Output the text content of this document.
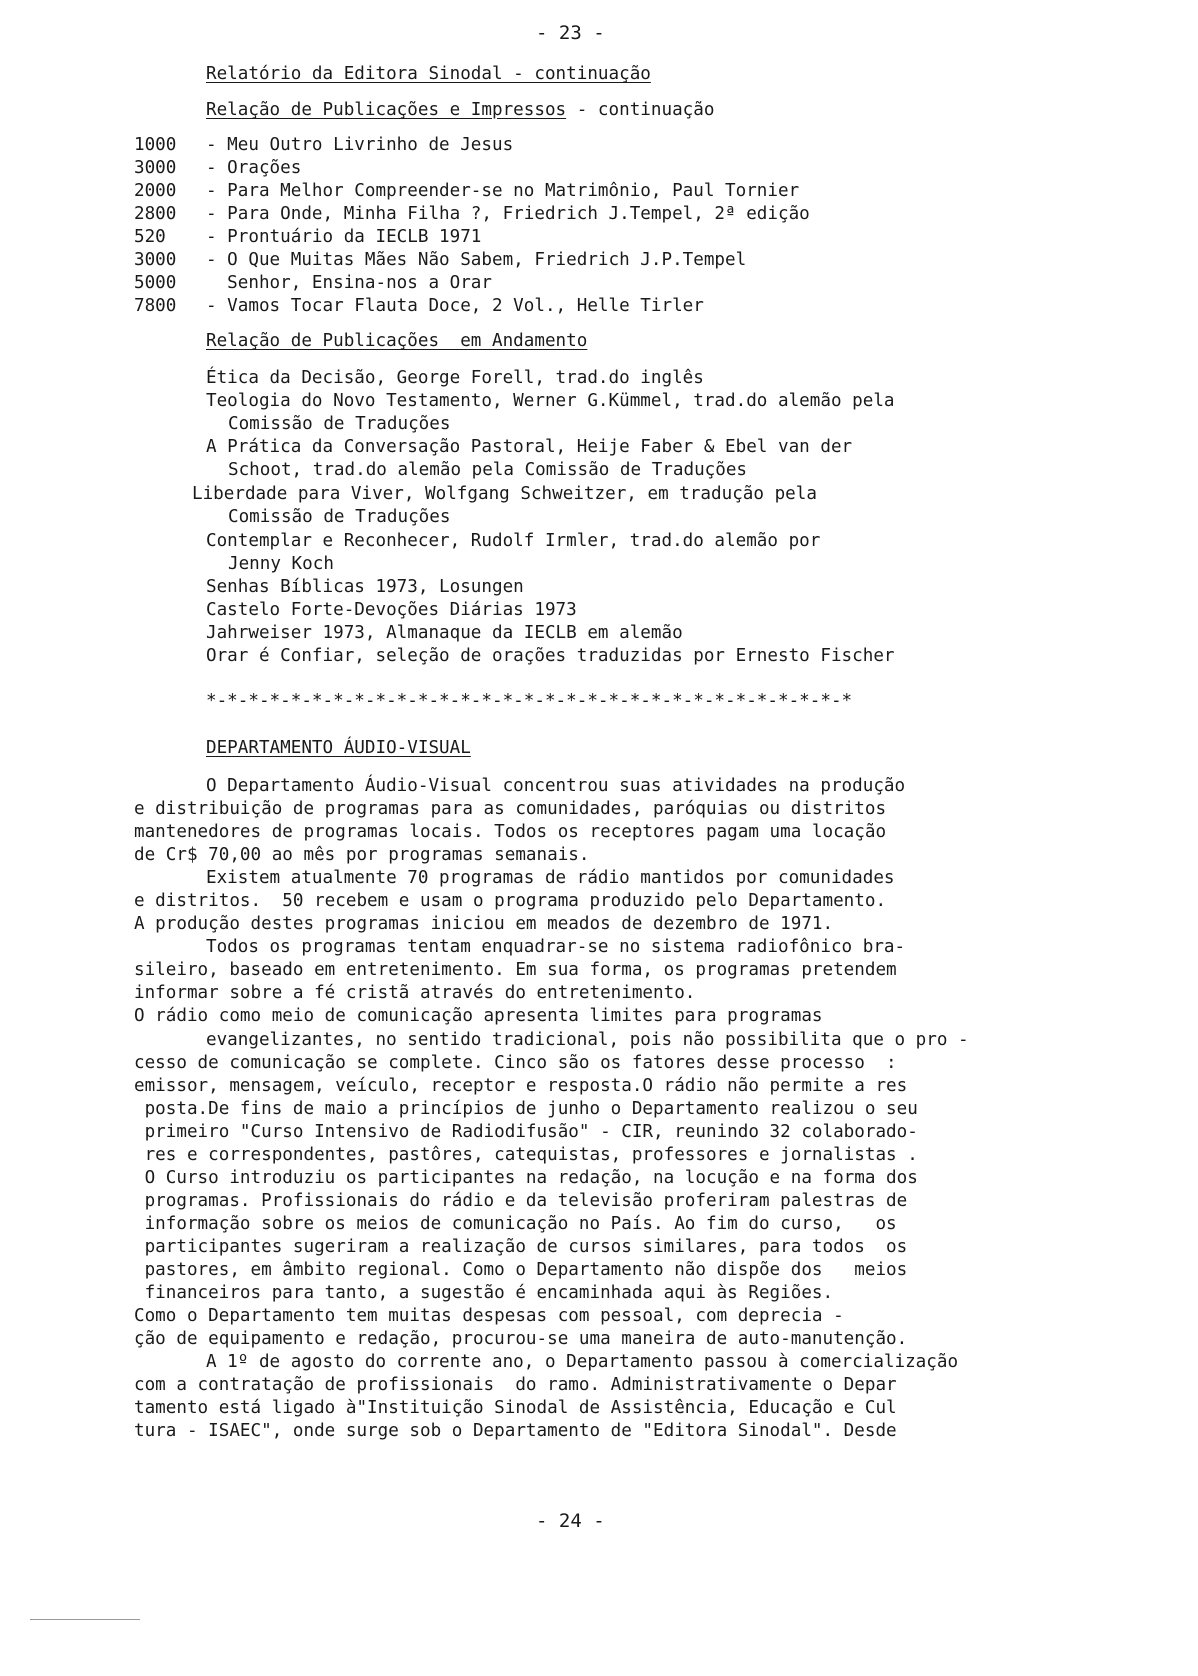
- 23 -
Relatório da Editora Sinodal - continuação
Relação de Publicações e Impressos - continuação
1000 - Meu Outro Livrinho de Jesus
3000 - Orações
2000 - Para Melhor Compreender-se no Matrimônio, Paul Tornier
2800 - Para Onde, Minha Filha ?, Friedrich J.Tempel, 2ª edição
520 - Prontuário da IECLB 1971
3000 - O Que Muitas Mães Não Sabem, Friedrich J.P.Tempel
5000 Senhor, Ensina-nos a Orar
7800 - Vamos Tocar Flauta Doce, 2 Vol., Helle Tirler
Relação de Publicações  em Andamento
Ética da Decisão, George Forell, trad.do inglês
Teologia do Novo Testamento, Werner G.Kümmel, trad.do alemão pela
Comissão de Traduções
A Prática da Conversação Pastoral, Heije Faber & Ebel van der
Schoot, trad.do alemão pela Comissão de Traduções
Liberdade para Viver, Wolfgang Schweitzer, em tradução pela
Comissão de Traduções
Contemplar e Reconhecer, Rudolf Irmler, trad.do alemão por
Jenny Koch
Senhas Bíblicas 1973, Losungen
Castelo Forte-Devoções Diárias 1973
Jahrweiser 1973, Almanaque da IECLB em alemão
Orar é Confiar, seleção de orações traduzidas por Ernesto Fischer
*-*-*-*-*-*-*-*-*-*-*-*-*-*-*-*-*-*-*-*-*-*-*-*-*-*-*-*-*-*-*
DEPARTAMENTO ÁUDIO-VISUAL
O Departamento Áudio-Visual concentrou suas atividades na produção
e distribuição de programas para as comunidades, paróquias ou distritos
mantenedores de programas locais. Todos os receptores pagam uma locação
de Cr$ 70,00 ao mês por programas semanais.
Existem atualmente 70 programas de rádio mantidos por comunidades
e distritos.  50 recebem e usam o programa produzido pelo Departamento.
A produção destes programas iniciou em meados de dezembro de 1971.
Todos os programas tentam enquadrar-se no sistema radiofônico bra-
sileiro, baseado em entretenimento. Em sua forma, os programas pretendem
informar sobre a fé cristã através do entretenimento.
O rádio como meio de comunicação apresenta limites para programas
evangelizantes, no sentido tradicional, pois não possibilita que o pro -
cesso de comunicação se complete. Cinco são os fatores desse processo  :
emissor, mensagem, veículo, receptor e resposta.O rádio não permite a res
posta.De fins de maio a princípios de junho o Departamento realizou o seu
primeiro "Curso Intensivo de Radiodifusão" - CIR, reunindo 32 colaborado-
res e correspondentes, pastôres, catequistas, professores e jornalistas .
O Curso introduziu os participantes na redação, na locução e na forma dos
programas. Profissionais do rádio e da televisão proferiram palestras de
informação sobre os meios de comunicação no País. Ao fim do curso,   os
participantes sugeriram a realização de cursos similares, para todos  os
pastores, em âmbito regional. Como o Departamento não dispõe dos   meios
financeiros para tanto, a sugestão é encaminhada aqui às Regiões.
Como o Departamento tem muitas despesas com pessoal, com deprecia -
ção de equipamento e redação, procurou-se uma maneira de auto-manutenção.
A 1º de agosto do corrente ano, o Departamento passou à comercialização
com a contratação de profissionais  do ramo. Administrativamente o Depar
tamento está ligado à"Instituição Sinodal de Assistência, Educação e Cul
tura - ISAEC", onde surge sob o Departamento de "Editora Sinodal". Desde
- 24 -
